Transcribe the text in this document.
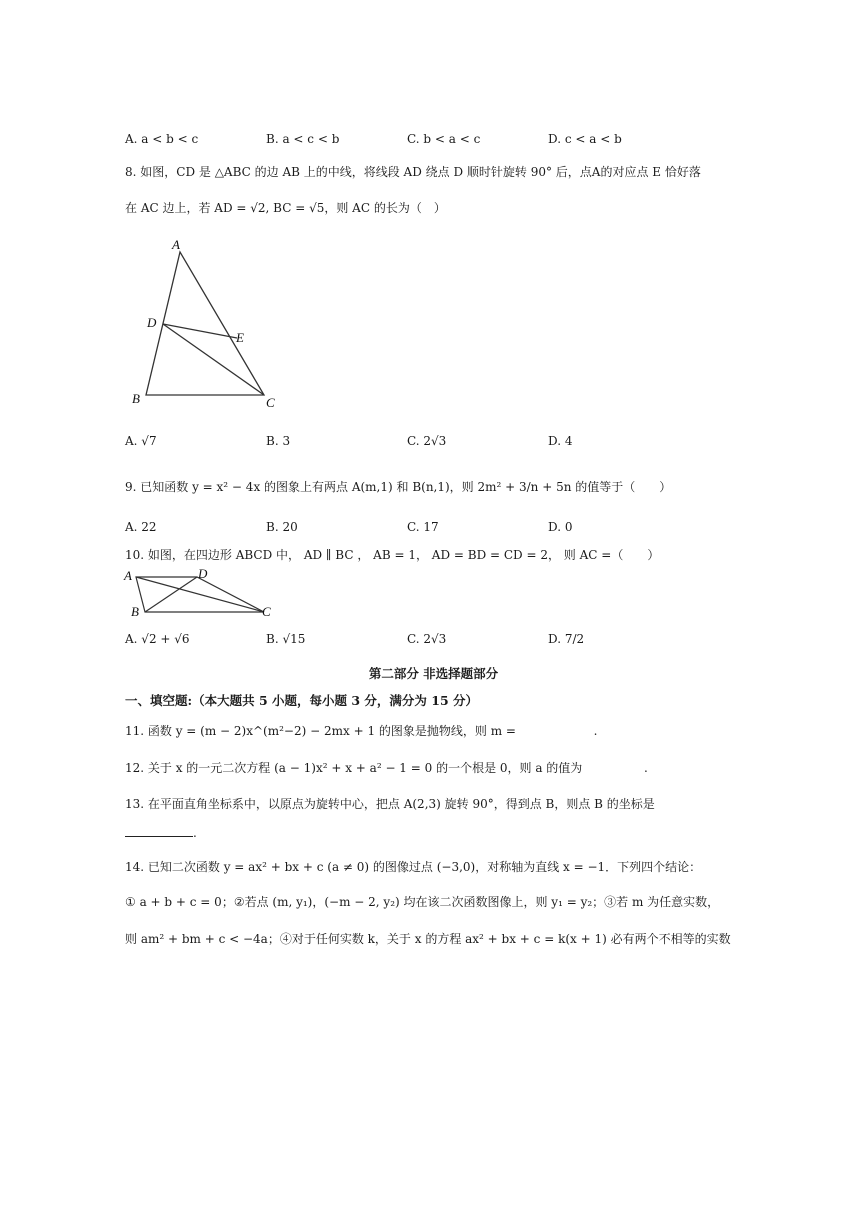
A. a < b < c	B. a < c < b	C. b < a < c	D. c < a < b
8. 如图，CD 是 △ABC 的边 AB 上的中线，将线段 AD 绕点 D 顺时针旋转 90° 后，点A的对应点 E 恰好落
在 AC 边上，若 AD = √2, BC = √5，则 AC 的长为（　）
A
D
E
B	C
A. √7	B. 3	C. 2√3	D. 4
9. 已知函数 y = x² − 4x 的图象上有两点 A(m,1) 和 B(n,1)，则 2m² + 3/n + 5n 的值等于（　　）
A. 22	B. 20	C. 17	D. 0
10. 如图，在四边形 ABCD 中， AD ∥ BC ， AB = 1， AD = BD = CD = 2， 则 AC =（　　）
A	D
B	C
A. √2 + √6	B. √15	C. 2√3	D. 7/2
第二部分 非选择题部分
一、填空题:（本大题共 5 小题，每小题 3 分，满分为 15 分）
11. 函数 y = (m − 2)x^(m²−2) − 2mx + 1 的图象是抛物线，则 m =	.
12. 关于 x 的一元二次方程 (a − 1)x² + x + a² − 1 = 0 的一个根是 0，则 a 的值为	.
13. 在平面直角坐标系中，以原点为旋转中心，把点 A(2,3) 旋转 90°，得到点 B，则点 B 的坐标是
.
14. 已知二次函数 y = ax² + bx + c (a ≠ 0) 的图像过点 (−3,0)，对称轴为直线 x = −1．下列四个结论：
① a + b + c = 0；②若点 (m, y₁)，(−m − 2, y₂) 均在该二次函数图像上，则 y₁ = y₂；③若 m 为任意实数，
则 am² + bm + c < −4a；④对于任何实数 k，关于 x 的方程 ax² + bx + c = k(x + 1) 必有两个不相等的实数
